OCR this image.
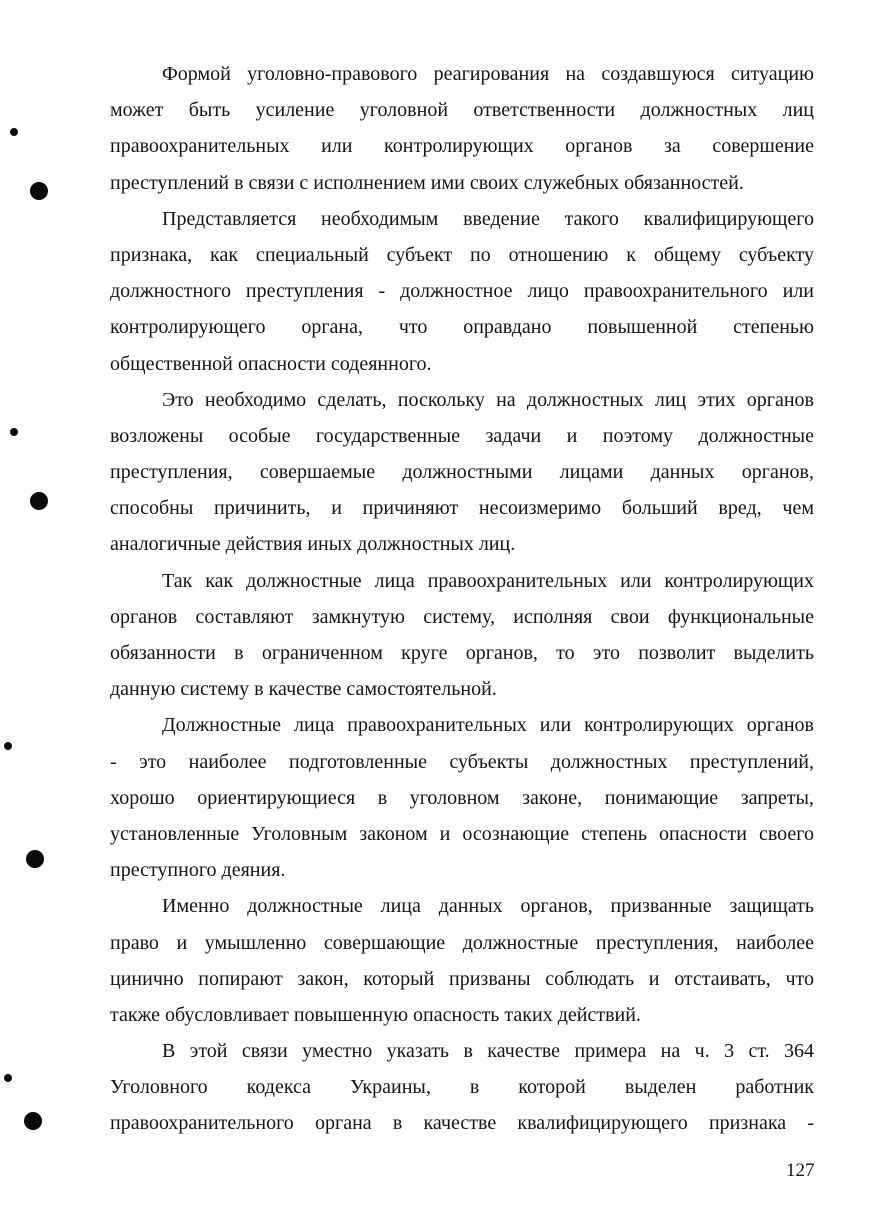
Формой уголовно-правового реагирования на создавшуюся ситуацию
может быть усиление уголовной ответственности должностных лиц
правоохранительных или контролирующих органов за совершение
преступлений в связи с исполнением ими своих служебных обязанностей.
Представляется необходимым введение такого квалифицирующего
признака, как специальный субъект по отношению к общему субъекту
должностного преступления - должностное лицо правоохранительного или
контролирующего органа, что оправдано повышенной степенью
общественной опасности содеянного.
Это необходимо сделать, поскольку на должностных лиц этих органов
возложены особые государственные задачи и поэтому должностные
преступления, совершаемые должностными лицами данных органов,
способны причинить, и причиняют несоизмеримо больший вред, чем
аналогичные действия иных должностных лиц.
Так как должностные лица правоохранительных или контролирующих
органов составляют замкнутую систему, исполняя свои функциональные
обязанности в ограниченном круге органов, то это позволит выделить
данную систему в качестве самостоятельной.
Должностные лица правоохранительных или контролирующих органов
- это наиболее подготовленные субъекты должностных преступлений,
хорошо ориентирующиеся в уголовном законе, понимающие запреты,
установленные Уголовным законом и осознающие степень опасности своего
преступного деяния.
Именно должностные лица данных органов, призванные защищать
право и умышленно совершающие должностные преступления, наиболее
цинично попирают закон, который призваны соблюдать и отстаивать, что
также обусловливает повышенную опасность таких действий.
В этой связи уместно указать в качестве примера на ч. 3 ст. 364
Уголовного кодекса Украины, в которой выделен работник
правоохранительного органа в качестве квалифицирующего признака -
127
